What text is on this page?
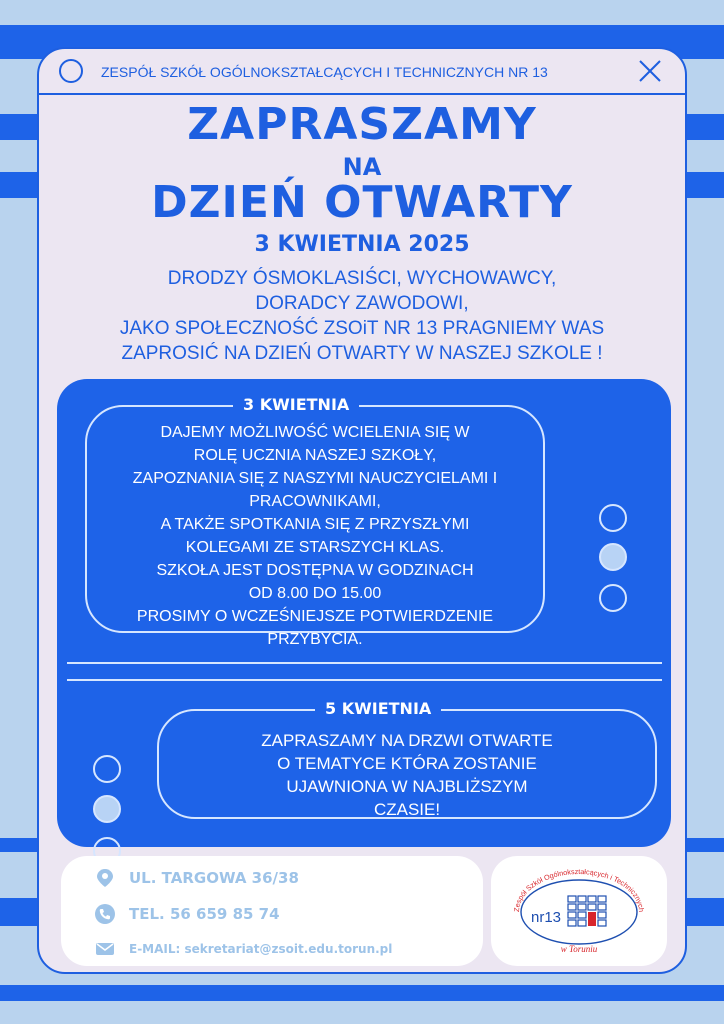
ZESPÓŁ SZKÓŁ OGÓLNOKSZTAŁCĄCYCH I TECHNICZNYCH NR 13
ZAPRASZAMY
NA
DZIEŃ OTWARTY
3 KWIETNIA 2025
DRODZY ÓSMOKLASIŚCI, WYCHOWAWCY,
DORADCY ZAWODOWI,
JAKO SPOŁECZNOŚĆ ZSOiT NR 13 PRAGNIEMY WAS
ZAPROSIĆ NA DZIEŃ OTWARTY W NASZEJ SZKOLE !
3 KWIETNIA
DAJEMY MOŻLIWOŚĆ WCIELENIA SIĘ W
ROLĘ UCZNIA NASZEJ SZKOŁY,
ZAPOZNANIA SIĘ Z NASZYMI NAUCZYCIELAMI I
PRACOWNIKAMI,
A TAKŻE SPOTKANIA SIĘ Z PRZYSZŁYMI
KOLEGAMI ZE STARSZYCH KLAS.
SZKOŁA JEST DOSTĘPNA W GODZINACH
OD 8.00 DO 15.00
PROSIMY O WCZEŚNIEJSZE POTWIERDZENIE
PRZYBYCIA.
5 KWIETNIA
ZAPRASZAMY NA DRZWI OTWARTE
O TEMATYCE KTÓRA ZOSTANIE
UJAWNIONA W NAJBLIŻSZYM
CZASIE!
UL. TARGOWA 36/38
TEL. 56 659 85 74
E-MAIL: sekretariat@zsoit.edu.torun.pl
Zespół Szkół Ogólnokształcących i Technicznych
nr13
w Toruniu
